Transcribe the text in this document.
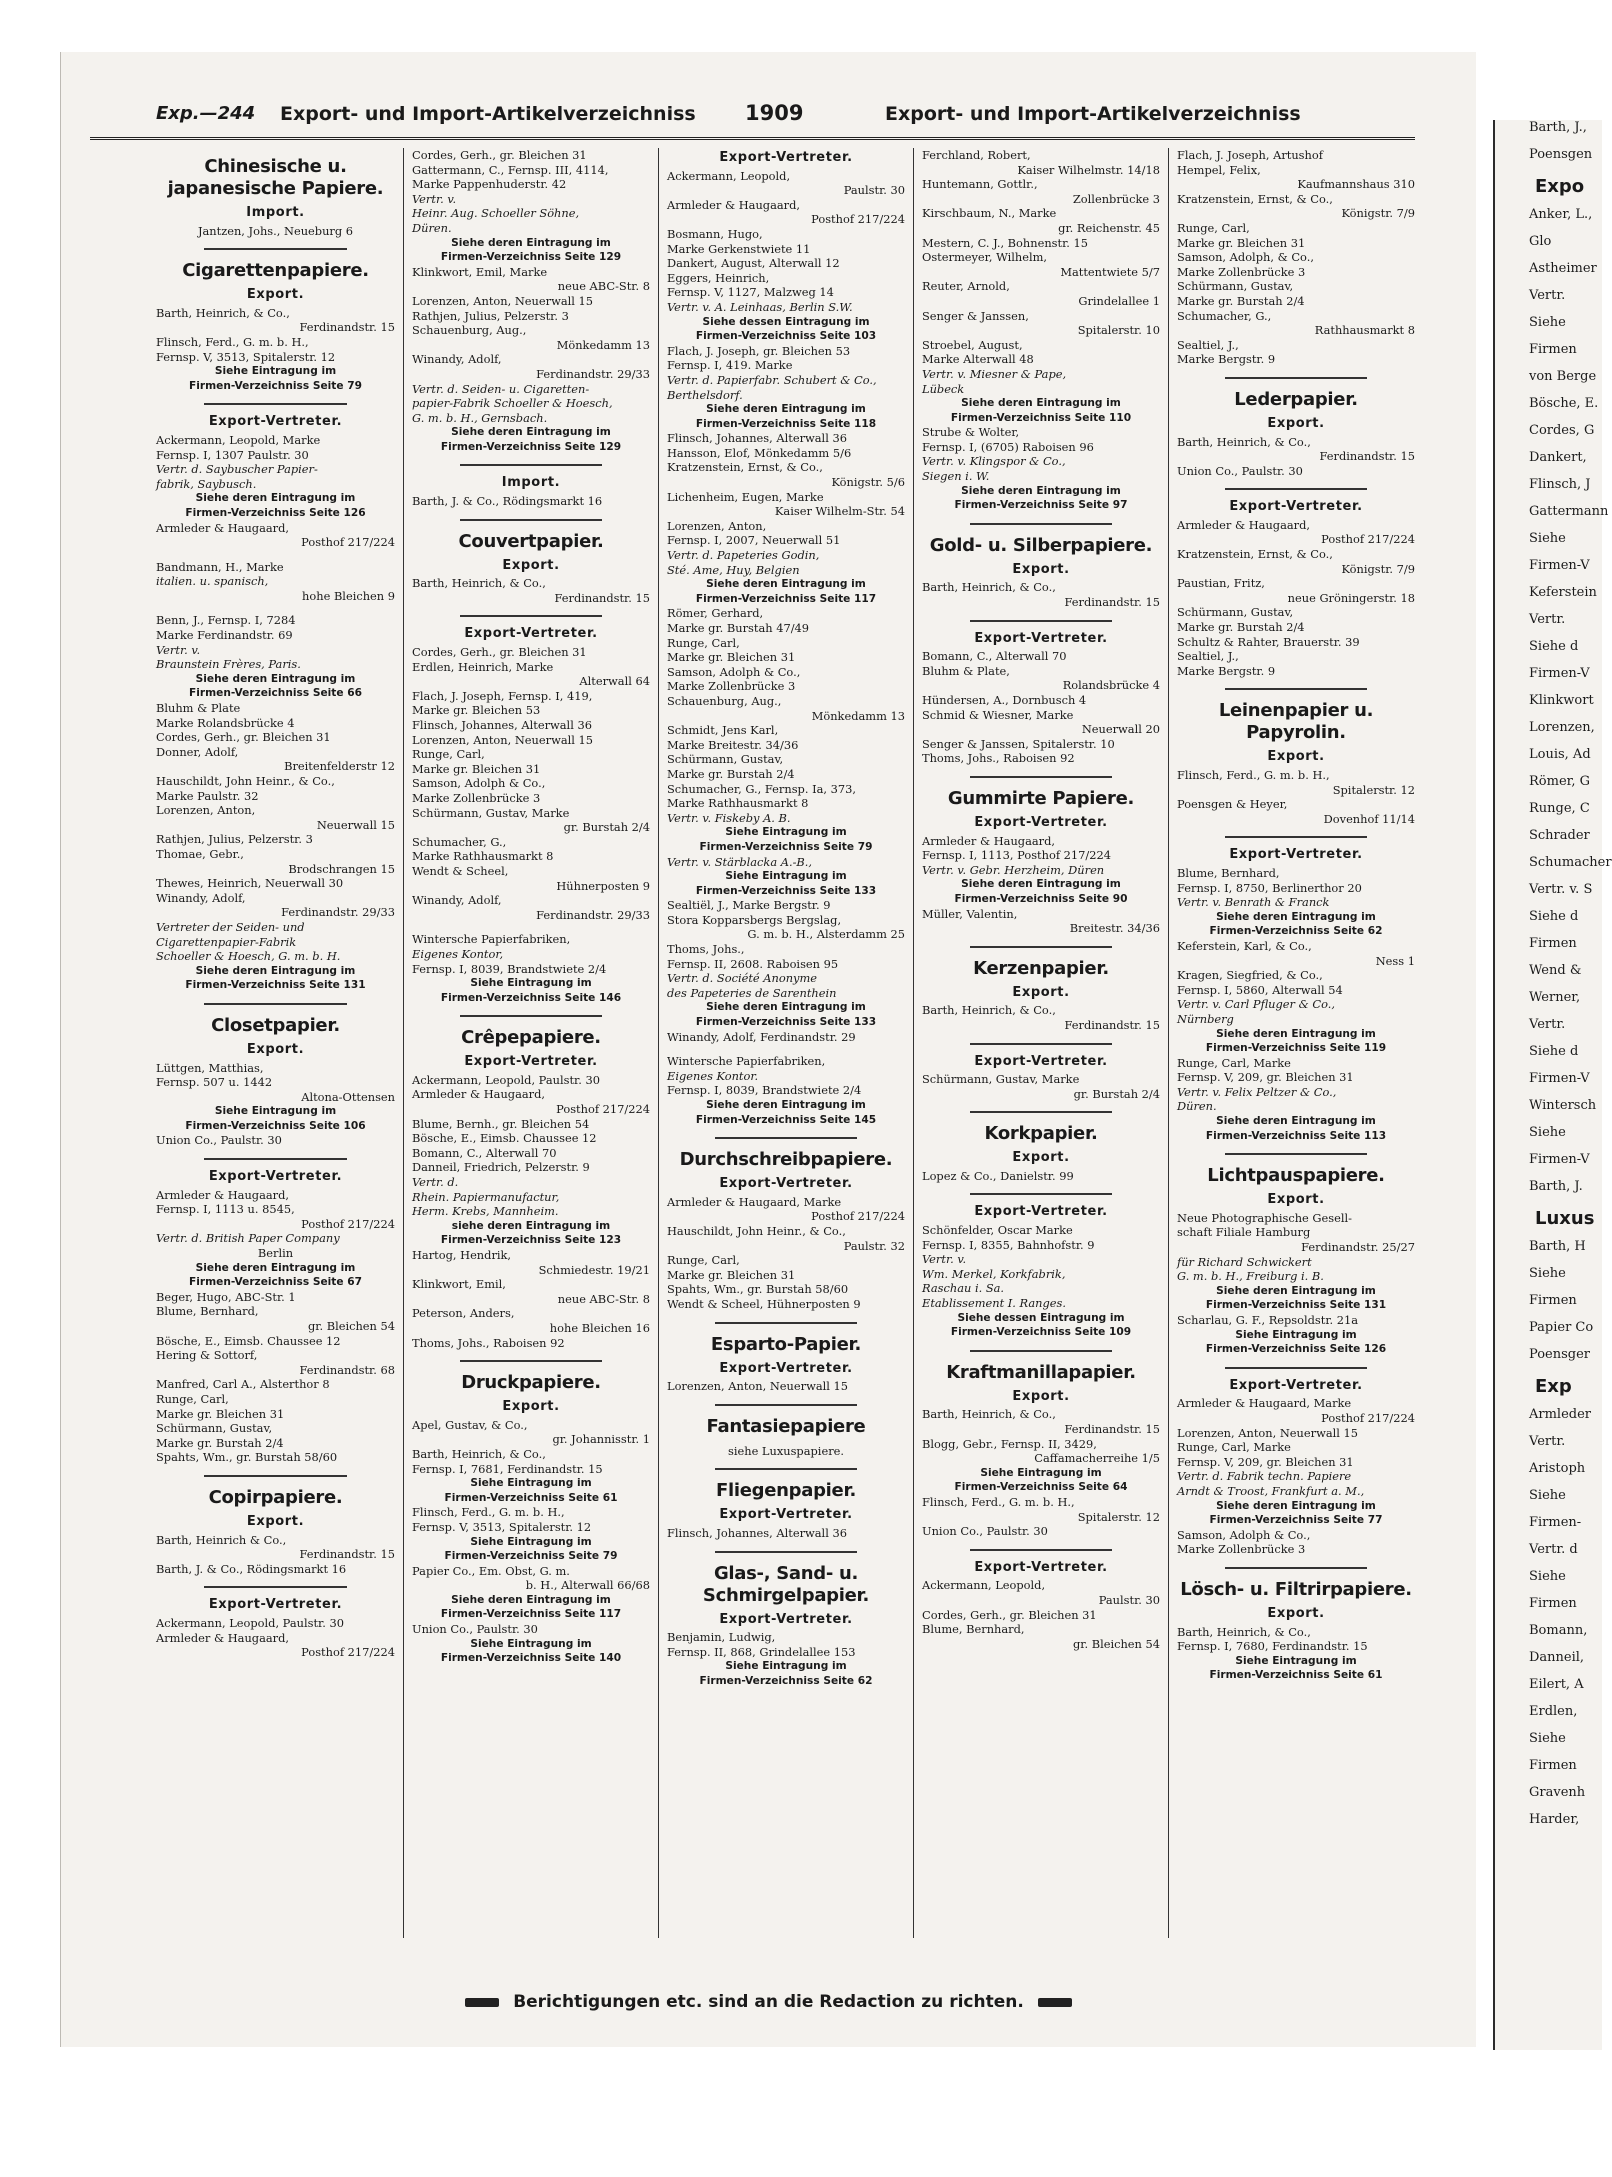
Berichtigungen etc. sind an die Redaction zu richten.
Exp.—244 Export- und Import-Artikelverzeichniss 1909	Export- und Import-Artikelverzeichniss
Chinesische u. japanesische Papiere.
Import.
Jantzen, Johs., Neueburg 6
Cigarettenpapiere.
Export.
Barth, Heinrich, & Co.,
Ferdinandstr. 15
Flinsch, Ferd., G. m. b. H.,
Fernsp. V, 3513, Spitalerstr. 12
Siehe Eintragung im
Firmen-Verzeichniss Seite 79
Export-Vertreter.
Ackermann, Leopold, Marke
Fernsp. I, 1307 Paulstr. 30
Vertr. d. Saybuscher Papier-
fabrik, Saybusch.
Siehe deren Eintragung im
Firmen-Verzeichniss Seite 126
Armleder & Haugaard,
Posthof 217/224
Bandmann, H., Marke
italien. u. spanisch,
hohe Bleichen 9
Benn, J., Fernsp. I, 7284
Marke Ferdinandstr. 69
Vertr. v.
Braunstein Frères, Paris.
Siehe deren Eintragung im
Firmen-Verzeichniss Seite 66
Bluhm & Plate
Marke Rolandsbrücke 4
Cordes, Gerh., gr. Bleichen 31
Donner, Adolf,
Breitenfelderstr 12
Hauschildt, John Heinr., & Co.,
Marke Paulstr. 32
Lorenzen, Anton,
Neuerwall 15
Rathjen, Julius, Pelzerstr. 3
Thomae, Gebr.,
Brodschrangen 15
Thewes, Heinrich, Neuerwall 30
Winandy, Adolf,
Ferdinandstr. 29/33
Vertreter der Seiden- und
Cigarettenpapier-Fabrik
Schoeller & Hoesch, G. m. b. H.
Siehe deren Eintragung im
Firmen-Verzeichniss Seite 131
Closetpapier.
Export.
Lüttgen, Matthias,
Fernsp. 507 u. 1442
Altona-Ottensen
Siehe Eintragung im
Firmen-Verzeichniss Seite 106
Union Co., Paulstr. 30
Export-Vertreter.
Armleder & Haugaard,
Fernsp. I, 1113 u. 8545,
Posthof 217/224
Vertr. d. British Paper Company
Berlin
Siehe deren Eintragung im
Firmen-Verzeichniss Seite 67
Beger, Hugo, ABC-Str. 1
Blume, Bernhard,
gr. Bleichen 54
Bösche, E., Eimsb. Chaussee 12
Hering & Sottorf,
Ferdinandstr. 68
Manfred, Carl A., Alsterthor 8
Runge, Carl,
Marke gr. Bleichen 31
Schürmann, Gustav,
Marke gr. Burstah 2/4
Spahts, Wm., gr. Burstah 58/60
Copirpapiere.
Export.
Barth, Heinrich & Co.,
Ferdinandstr. 15
Barth, J. & Co., Rödingsmarkt 16
Export-Vertreter.
Ackermann, Leopold, Paulstr. 30
Armleder & Haugaard,
Posthof 217/224
Cordes, Gerh., gr. Bleichen 31
Gattermann, C., Fernsp. III, 4114,
Marke Pappenhuderstr. 42
Vertr. v.
Heinr. Aug. Schoeller Söhne,
Düren.
Siehe deren Eintragung im
Firmen-Verzeichniss Seite 129
Klinkwort, Emil, Marke
neue ABC-Str. 8
Lorenzen, Anton, Neuerwall 15
Rathjen, Julius, Pelzerstr. 3
Schauenburg, Aug.,
Mönkedamm 13
Winandy, Adolf,
Ferdinandstr. 29/33
Vertr. d. Seiden- u. Cigaretten-
papier-Fabrik Schoeller & Hoesch,
G. m. b. H., Gernsbach.
Siehe deren Eintragung im
Firmen-Verzeichniss Seite 129
Import.
Barth, J. & Co., Rödingsmarkt 16
Couvertpapier.
Export.
Barth, Heinrich, & Co.,
Ferdinandstr. 15
Export-Vertreter.
Cordes, Gerh., gr. Bleichen 31
Erdlen, Heinrich, Marke
Alterwall 64
Flach, J. Joseph, Fernsp. I, 419,
Marke gr. Bleichen 53
Flinsch, Johannes, Alterwall 36
Lorenzen, Anton, Neuerwall 15
Runge, Carl,
Marke gr. Bleichen 31
Samson, Adolph & Co.,
Marke Zollenbrücke 3
Schürmann, Gustav, Marke
gr. Burstah 2/4
Schumacher, G.,
Marke Rathhausmarkt 8
Wendt & Scheel,
Hühnerposten 9
Winandy, Adolf,
Ferdinandstr. 29/33
Wintersche Papierfabriken,
Eigenes Kontor,
Fernsp. I, 8039, Brandstwiete 2/4
Siehe Eintragung im
Firmen-Verzeichniss Seite 146
Crêpepapiere.
Export-Vertreter.
Ackermann, Leopold, Paulstr. 30
Armleder & Haugaard,
Posthof 217/224
Blume, Bernh., gr. Bleichen 54
Bösche, E., Eimsb. Chaussee 12
Bomann, C., Alterwall 70
Danneil, Friedrich, Pelzerstr. 9
Vertr. d.
Rhein. Papiermanufactur,
Herm. Krebs, Mannheim.
siehe deren Eintragung im
Firmen-Verzeichniss Seite 123
Hartog, Hendrik,
Schmiedestr. 19/21
Klinkwort, Emil,
neue ABC-Str. 8
Peterson, Anders,
hohe Bleichen 16
Thoms, Johs., Raboisen 92
Druckpapiere.
Export.
Apel, Gustav, & Co.,
gr. Johannisstr. 1
Barth, Heinrich, & Co.,
Fernsp. I, 7681, Ferdinandstr. 15
Siehe Eintragung im
Firmen-Verzeichniss Seite 61
Flinsch, Ferd., G. m. b. H.,
Fernsp. V, 3513, Spitalerstr. 12
Siehe Eintragung im
Firmen-Verzeichniss Seite 79
Papier Co., Em. Obst, G. m.
b. H., Alterwall 66/68
Siehe deren Eintragung im
Firmen-Verzeichniss Seite 117
Union Co., Paulstr. 30
Siehe Eintragung im
Firmen-Verzeichniss Seite 140
Export-Vertreter.
Ackermann, Leopold,
Paulstr. 30
Armleder & Haugaard,
Posthof 217/224
Bosmann, Hugo,
Marke Gerkenstwiete 11
Dankert, August, Alterwall 12
Eggers, Heinrich,
Fernsp. V, 1127, Malzweg 14
Vertr. v. A. Leinhaas, Berlin S.W.
Siehe dessen Eintragung im
Firmen-Verzeichniss Seite 103
Flach, J. Joseph, gr. Bleichen 53
Fernsp. I, 419. Marke
Vertr. d. Papierfabr. Schubert & Co.,
Berthelsdorf.
Siehe deren Eintragung im
Firmen-Verzeichniss Seite 118
Flinsch, Johannes, Alterwall 36
Hansson, Elof, Mönkedamm 5/6
Kratzenstein, Ernst, & Co.,
Königstr. 5/6
Lichenheim, Eugen, Marke
Kaiser Wilhelm-Str. 54
Lorenzen, Anton,
Fernsp. I, 2007, Neuerwall 51
Vertr. d. Papeteries Godin,
Sté. Ame, Huy, Belgien
Siehe deren Eintragung im
Firmen-Verzeichniss Seite 117
Römer, Gerhard,
Marke gr. Burstah 47/49
Runge, Carl,
Marke gr. Bleichen 31
Samson, Adolph & Co.,
Marke Zollenbrücke 3
Schauenburg, Aug.,
Mönkedamm 13
Schmidt, Jens Karl,
Marke Breitestr. 34/36
Schürmann, Gustav,
Marke gr. Burstah 2/4
Schumacher, G., Fernsp. Ia, 373,
Marke Rathhausmarkt 8
Vertr. v. Fiskeby A. B.
Siehe Eintragung im
Firmen-Verzeichniss Seite 79
Vertr. v. Stärblacka A.-B.,
Siehe Eintragung im
Firmen-Verzeichniss Seite 133
Sealtiël, J., Marke Bergstr. 9
Stora Kopparsbergs Bergslag,
G. m. b. H., Alsterdamm 25
Thoms, Johs.,
Fernsp. II, 2608. Raboisen 95
Vertr. d. Société Anonyme
des Papeteries de Sarenthein
Siehe deren Eintragung im
Firmen-Verzeichniss Seite 133
Winandy, Adolf, Ferdinandstr. 29
Wintersche Papierfabriken,
Eigenes Kontor.
Fernsp. I, 8039, Brandstwiete 2/4
Siehe deren Eintragung im
Firmen-Verzeichniss Seite 145
Durchschreibpapiere.
Export-Vertreter.
Armleder & Haugaard, Marke
Posthof 217/224
Hauschildt, John Heinr., & Co.,
Paulstr. 32
Runge, Carl,
Marke gr. Bleichen 31
Spahts, Wm., gr. Burstah 58/60
Wendt & Scheel, Hühnerposten 9
Esparto-Papier.
Export-Vertreter.
Lorenzen, Anton, Neuerwall 15
Fantasiepapiere
siehe Luxuspapiere.
Fliegenpapier.
Export-Vertreter.
Flinsch, Johannes, Alterwall 36
Glas-, Sand- u. Schmirgelpapier.
Export-Vertreter.
Benjamin, Ludwig,
Fernsp. II, 868, Grindelallee 153
Siehe Eintragung im
Firmen-Verzeichniss Seite 62
Ferchland, Robert,
Kaiser Wilhelmstr. 14/18
Huntemann, Gottlr.,
Zollenbrücke 3
Kirschbaum, N., Marke
gr. Reichenstr. 45
Mestern, C. J., Bohnenstr. 15
Ostermeyer, Wilhelm,
Mattentwiete 5/7
Reuter, Arnold,
Grindelallee 1
Senger & Janssen,
Spitalerstr. 10
Stroebel, August,
Marke Alterwall 48
Vertr. v. Miesner & Pape,
Lübeck
Siehe deren Eintragung im
Firmen-Verzeichniss Seite 110
Strube & Wolter,
Fernsp. I, (6705) Raboisen 96
Vertr. v. Klingspor & Co.,
Siegen i. W.
Siehe deren Eintragung im
Firmen-Verzeichniss Seite 97
Gold- u. Silberpapiere.
Export.
Barth, Heinrich, & Co.,
Ferdinandstr. 15
Export-Vertreter.
Bomann, C., Alterwall 70
Bluhm & Plate,
Rolandsbrücke 4
Hündersen, A., Dornbusch 4
Schmid & Wiesner, Marke
Neuerwall 20
Senger & Janssen, Spitalerstr. 10
Thoms, Johs., Raboisen 92
Gummirte Papiere.
Export-Vertreter.
Armleder & Haugaard,
Fernsp. I, 1113, Posthof 217/224
Vertr. v. Gebr. Herzheim, Düren
Siehe deren Eintragung im
Firmen-Verzeichniss Seite 90
Müller, Valentin,
Breitestr. 34/36
Kerzenpapier.
Export.
Barth, Heinrich, & Co.,
Ferdinandstr. 15
Export-Vertreter.
Schürmann, Gustav, Marke
gr. Burstah 2/4
Korkpapier.
Export.
Lopez & Co., Danielstr. 99
Export-Vertreter.
Schönfelder, Oscar Marke
Fernsp. I, 8355, Bahnhofstr. 9
Vertr. v.
Wm. Merkel, Korkfabrik,
Raschau i. Sa.
Etablissement I. Ranges.
Siehe dessen Eintragung im
Firmen-Verzeichniss Seite 109
Kraftmanillapapier.
Export.
Barth, Heinrich, & Co.,
Ferdinandstr. 15
Blogg, Gebr., Fernsp. II, 3429,
Caffamacherreihe 1/5
Siehe Eintragung im
Firmen-Verzeichniss Seite 64
Flinsch, Ferd., G. m. b. H.,
Spitalerstr. 12
Union Co., Paulstr. 30
Export-Vertreter.
Ackermann, Leopold,
Paulstr. 30
Cordes, Gerh., gr. Bleichen 31
Blume, Bernhard,
gr. Bleichen 54
Flach, J. Joseph, Artushof
Hempel, Felix,
Kaufmannshaus 310
Kratzenstein, Ernst, & Co.,
Königstr. 7/9
Runge, Carl,
Marke gr. Bleichen 31
Samson, Adolph, & Co.,
Marke Zollenbrücke 3
Schürmann, Gustav,
Marke gr. Burstah 2/4
Schumacher, G.,
Rathhausmarkt 8
Sealtiel, J.,
Marke Bergstr. 9
Lederpapier.
Export.
Barth, Heinrich, & Co.,
Ferdinandstr. 15
Union Co., Paulstr. 30
Export-Vertreter.
Armleder & Haugaard,
Posthof 217/224
Kratzenstein, Ernst, & Co.,
Königstr. 7/9
Paustian, Fritz,
neue Gröningerstr. 18
Schürmann, Gustav,
Marke gr. Burstah 2/4
Schultz & Rahter, Brauerstr. 39
Sealtiel, J.,
Marke Bergstr. 9
Leinenpapier u. Papyrolin.
Export.
Flinsch, Ferd., G. m. b. H.,
Spitalerstr. 12
Poensgen & Heyer,
Dovenhof 11/14
Export-Vertreter.
Blume, Bernhard,
Fernsp. I, 8750, Berlinerthor 20
Vertr. v. Benrath & Franck
Siehe deren Eintragung im
Firmen-Verzeichniss Seite 62
Keferstein, Karl, & Co.,
Ness 1
Kragen, Siegfried, & Co.,
Fernsp. I, 5860, Alterwall 54
Vertr. v. Carl Pfluger & Co.,
Nürnberg
Siehe deren Eintragung im
Firmen-Verzeichniss Seite 119
Runge, Carl, Marke
Fernsp. V, 209, gr. Bleichen 31
Vertr. v. Felix Peltzer & Co.,
Düren.
Siehe deren Eintragung im
Firmen-Verzeichniss Seite 113
Lichtpauspapiere.
Export.
Neue Photographische Gesell-
schaft Filiale Hamburg
Ferdinandstr. 25/27
für Richard Schwickert
G. m. b. H., Freiburg i. B.
Siehe deren Eintragung im
Firmen-Verzeichniss Seite 131
Scharlau, G. F., Repsoldstr. 21a
Siehe Eintragung im
Firmen-Verzeichniss Seite 126
Export-Vertreter.
Armleder & Haugaard, Marke
Posthof 217/224
Lorenzen, Anton, Neuerwall 15
Runge, Carl, Marke
Fernsp. V, 209, gr. Bleichen 31
Vertr. d. Fabrik techn. Papiere
Arndt & Troost, Frankfurt a. M.,
Siehe deren Eintragung im
Firmen-Verzeichniss Seite 77
Samson, Adolph & Co.,
Marke Zollenbrücke 3
Lösch- u. Filtrirpapiere.
Export.
Barth, Heinrich, & Co.,
Fernsp. I, 7680, Ferdinandstr. 15
Siehe Eintragung im
Firmen-Verzeichniss Seite 61
Barth, J.,
Poensgen
Expo
Anker, L.,
Glo
Astheimer
Vertr.
Siehe
Firmen
von Berge
Bösche, E.
Cordes, G
Dankert,
Flinsch, J
Gattermann
Siehe
Firmen-V
Keferstein
Vertr.
Siehe d
Firmen-V
Klinkwort
Lorenzen,
Louis, Ad
Römer, G
Runge, C
Schrader
Schumacher
Vertr. v. S
Siehe d
Firmen
Wend &
Werner,
Vertr.
Siehe d
Firmen-V
Wintersch
Siehe
Firmen-V
Barth, J.
Luxus
Barth, H
Siehe
Firmen
Papier Co
Poensger
Exp
Armleder
Vertr.
Aristoph
Siehe
Firmen-
Vertr. d
Siehe
Firmen
Bomann,
Danneil,
Eilert, A
Erdlen,
Siehe
Firmen
Gravenh
Harder,
